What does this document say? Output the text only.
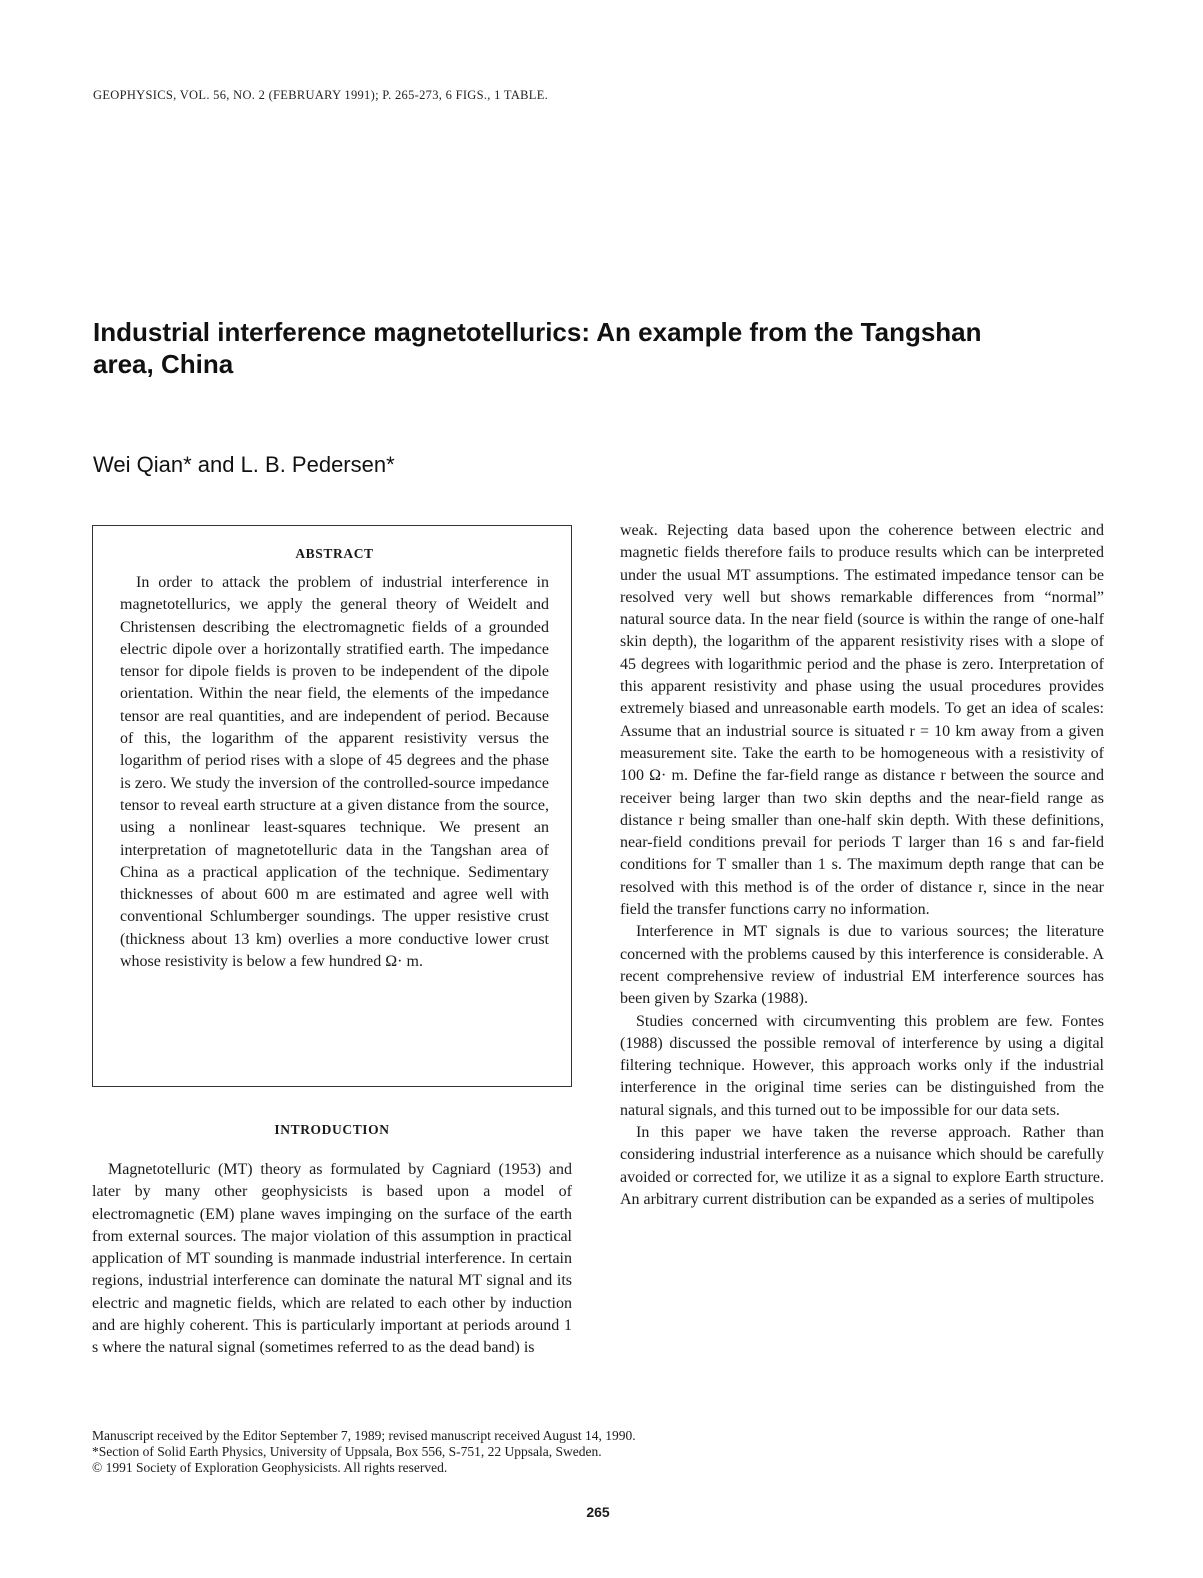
GEOPHYSICS, VOL. 56, NO. 2 (FEBRUARY 1991); P. 265-273, 6 FIGS., 1 TABLE.
Industrial interference magnetotellurics: An example from the Tangshan area, China
Wei Qian* and L. B. Pedersen*
ABSTRACT

In order to attack the problem of industrial interference in magnetotellurics, we apply the general theory of Weidelt and Christensen describing the electromagnetic fields of a grounded electric dipole over a horizontally stratified earth. The impedance tensor for dipole fields is proven to be independent of the dipole orientation. Within the near field, the elements of the impedance tensor are real quantities, and are independent of period. Because of this, the logarithm of the apparent resistivity versus the logarithm of period rises with a slope of 45 degrees and the phase is zero. We study the inversion of the controlled-source impedance tensor to reveal earth structure at a given distance from the source, using a nonlinear least-squares technique. We present an interpretation of magnetotelluric data in the Tangshan area of China as a practical application of the technique. Sedimentary thicknesses of about 600 m are estimated and agree well with conventional Schlumberger soundings. The upper resistive crust (thickness about 13 km) overlies a more conductive lower crust whose resistivity is below a few hundred Ω· m.

INTRODUCTION

Magnetotelluric (MT) theory as formulated by Cagniard (1953) and later by many other geophysicists is based upon a model of electromagnetic (EM) plane waves impinging on the surface of the earth from external sources. The major violation of this assumption in practical application of MT sounding is manmade industrial interference. In certain regions, industrial interference can dominate the natural MT signal and its electric and magnetic fields, which are related to each other by induction and are highly coherent. This is particularly important at periods around 1 s where the natural signal (sometimes referred to as the dead band) is

weak. Rejecting data based upon the coherence between electric and magnetic fields therefore fails to produce results which can be interpreted under the usual MT assumptions. The estimated impedance tensor can be resolved very well but shows remarkable differences from “normal” natural source data. In the near field (source is within the range of one-half skin depth), the logarithm of the apparent resistivity rises with a slope of 45 degrees with logarithmic period and the phase is zero. Interpretation of this apparent resistivity and phase using the usual procedures provides extremely biased and unreasonable earth models. To get an idea of scales: Assume that an industrial source is situated r = 10 km away from a given measurement site. Take the earth to be homogeneous with a resistivity of 100 Ω· m. Define the far-field range as distance r between the source and receiver being larger than two skin depths and the near-field range as distance r being smaller than one-half skin depth. With these definitions, near-field conditions prevail for periods T larger than 16 s and far-field conditions for T smaller than 1 s. The maximum depth range that can be resolved with this method is of the order of distance r, since in the near field the transfer functions carry no information.

Interference in MT signals is due to various sources; the literature concerned with the problems caused by this interference is considerable. A recent comprehensive review of industrial EM interference sources has been given by Szarka (1988).

Studies concerned with circumventing this problem are few. Fontes (1988) discussed the possible removal of interference by using a digital filtering technique. However, this approach works only if the industrial interference in the original time series can be distinguished from the natural signals, and this turned out to be impossible for our data sets.

In this paper we have taken the reverse approach. Rather than considering industrial interference as a nuisance which should be carefully avoided or corrected for, we utilize it as a signal to explore Earth structure. An arbitrary current distribution can be expanded as a series of multipoles

Manuscript received by the Editor September 7, 1989; revised manuscript received August 14, 1990.
*Section of Solid Earth Physics, University of Uppsala, Box 556, S-751, 22 Uppsala, Sweden.
© 1991 Society of Exploration Geophysicists. All rights reserved.
265
